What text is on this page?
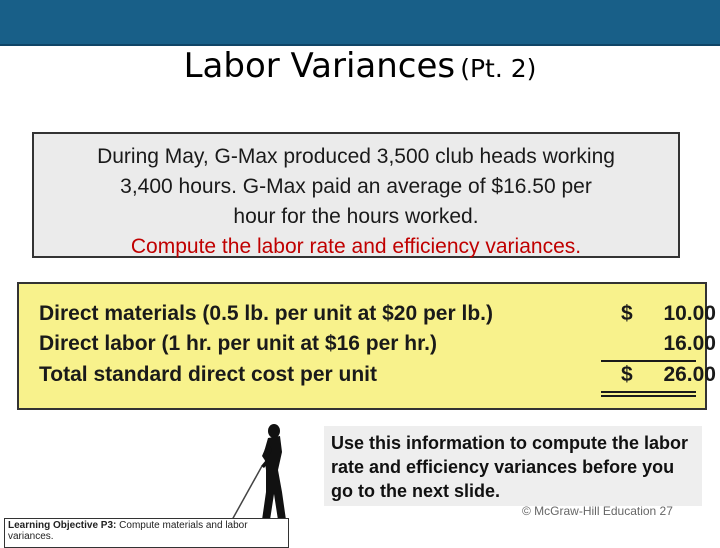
Labor Variances (Pt. 2)

During May, G-Max produced 3,500 club heads working

3,400 hours. G-Max paid an average of $16.50 per

hour for the hours worked.

Compute the labor rate and efficiency variances.

Direct materials (0.5 lb. per unit at $20 per lb.)	$ 10.00
Direct labor (1 hr. per unit at $16 per hr.)	16.00
Total standard direct cost per unit	$ 26.00

Use this information to compute the labor rate and efficiency variances before you go to the next slide.

© McGraw-Hill Education 27
Learning Objective P3: Compute materials and labor variances.
